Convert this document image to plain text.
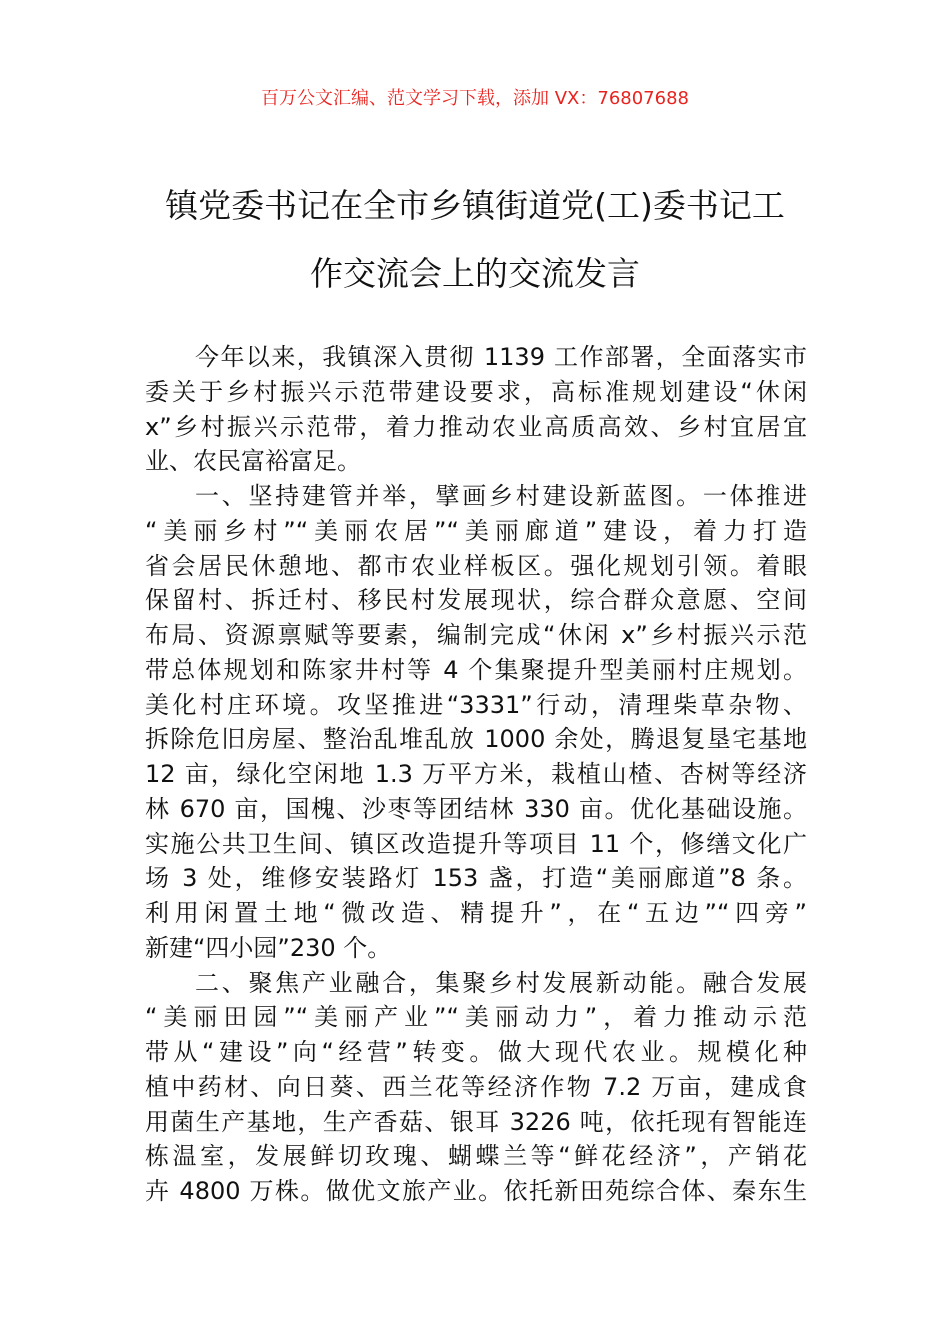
百万公文汇编、范文学习下载，添加 VX：76807688
镇党委书记在全市乡镇街道党(工)委书记工
作交流会上的交流发言
今年以来，我镇深入贯彻 1139 工作部署，全面落实市
委关于乡村振兴示范带建设要求，高标准规划建设“休闲
x”乡村振兴示范带，着力推动农业高质高效、乡村宜居宜
业、农民富裕富足。
一、坚持建管并举，擘画乡村建设新蓝图。一体推进
“美丽乡村”“美丽农居”“美丽廊道”建设，着力打造
省会居民休憩地、都市农业样板区。强化规划引领。着眼
保留村、拆迁村、移民村发展现状，综合群众意愿、空间
布局、资源禀赋等要素，编制完成“休闲 x”乡村振兴示范
带总体规划和陈家井村等 4 个集聚提升型美丽村庄规划。
美化村庄环境。攻坚推进“3331”行动，清理柴草杂物、
拆除危旧房屋、整治乱堆乱放 1000 余处，腾退复垦宅基地
12 亩，绿化空闲地 1.3 万平方米，栽植山楂、杏树等经济
林 670 亩，国槐、沙枣等团结林 330 亩。优化基础设施。
实施公共卫生间、镇区改造提升等项目 11 个，修缮文化广
场 3 处，维修安装路灯 153 盏，打造“美丽廊道”8 条。
利用闲置土地“微改造、精提升”，在“五边”“四旁”
新建“四小园”230 个。
二、聚焦产业融合，集聚乡村发展新动能。融合发展
“美丽田园”“美丽产业”“美丽动力”，着力推动示范
带从“建设”向“经营”转变。做大现代农业。规模化种
植中药材、向日葵、西兰花等经济作物 7.2 万亩，建成食
用菌生产基地，生产香菇、银耳 3226 吨，依托现有智能连
栋温室，发展鲜切玫瑰、蝴蝶兰等“鲜花经济”，产销花
卉 4800 万株。做优文旅产业。依托新田苑综合体、秦东生
